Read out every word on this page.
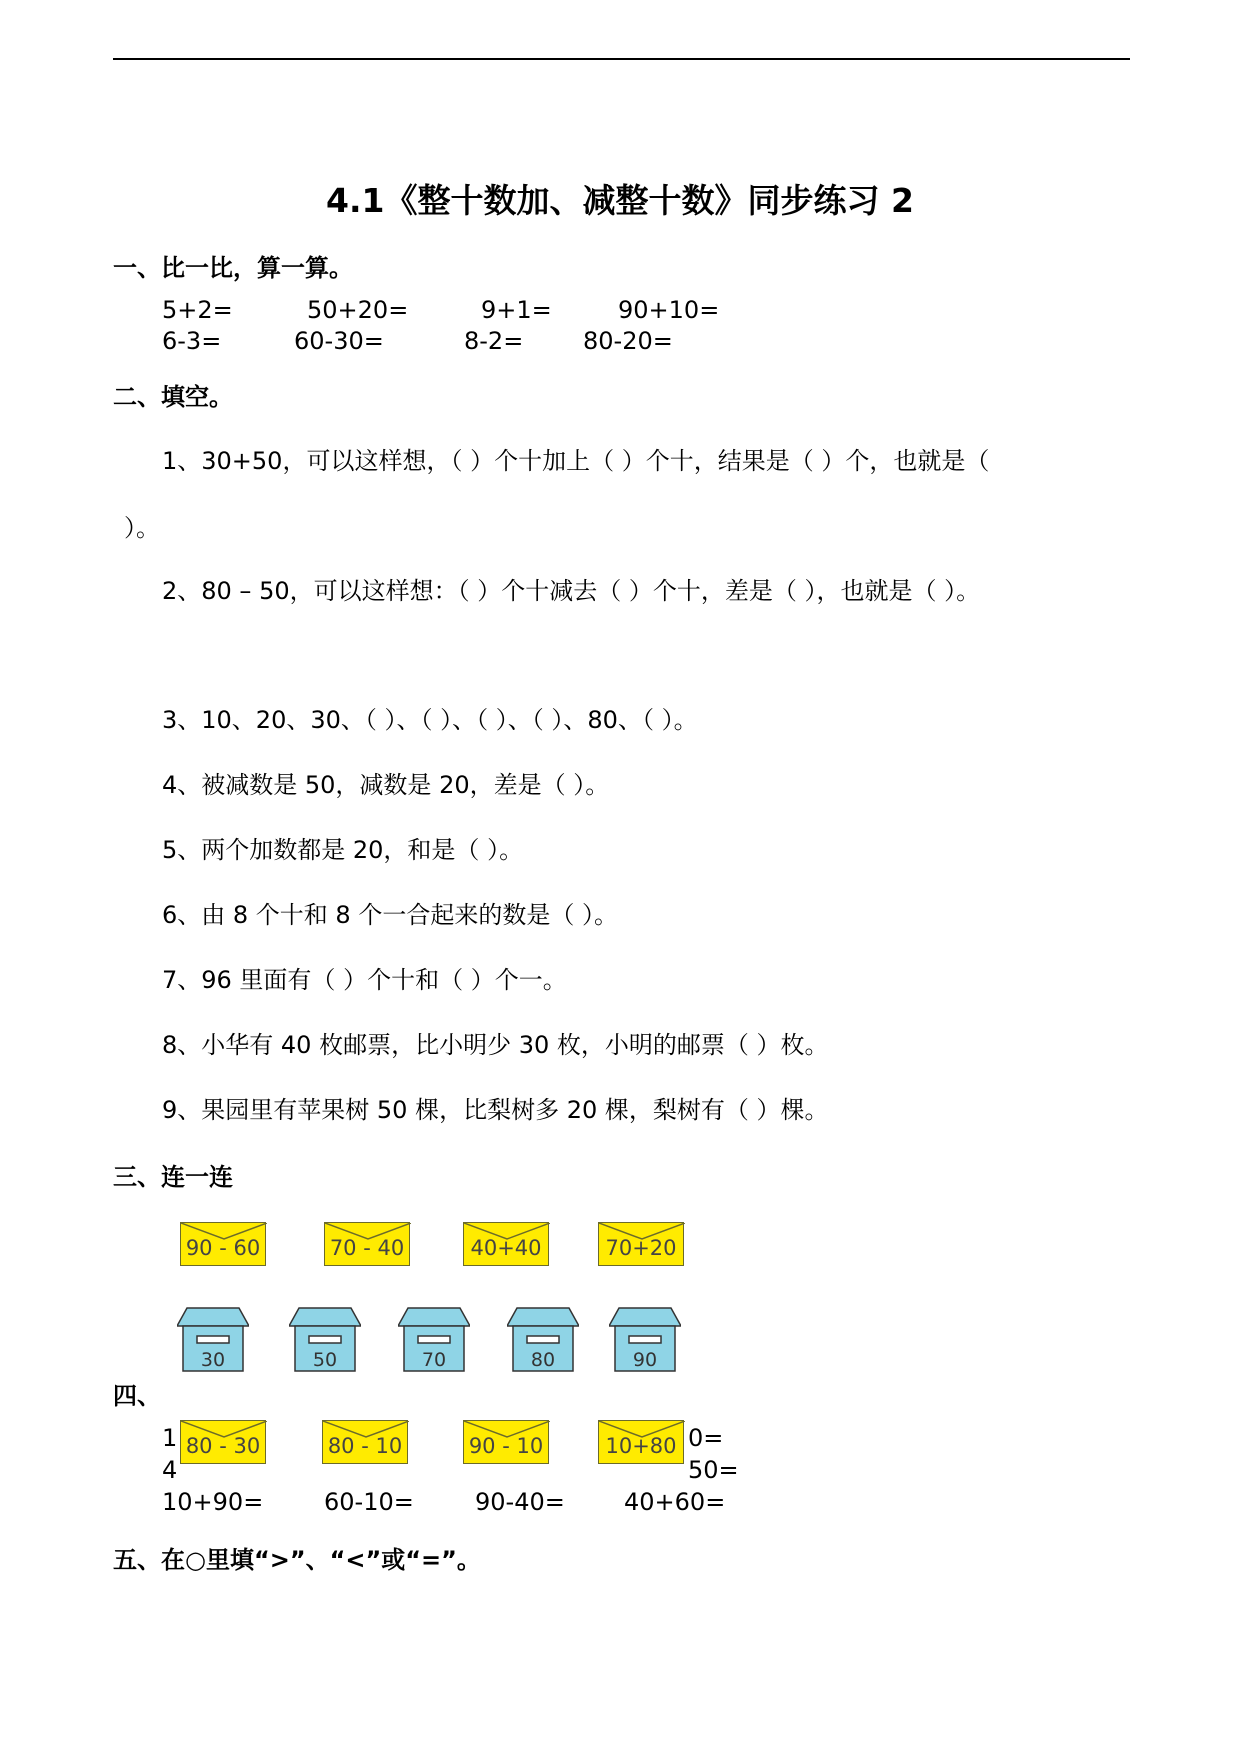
4.1《整十数加、减整十数》同步练习 2
一、比一比，算一算。
5+2=	50+20=	9+1=	90+10=
6-3=	60-30=	8-2= 80-20=
二、填空。
1、30+50，可以这样想，（ ）个十加上（ ）个十，结果是（ ）个，也就是（
）。
2、80 – 50，可以这样想：（ ）个十减去（ ）个十，差是（ ），也就是（ ）。
3、10、20、30、（ ）、（ ）、（ ）、（ ）、80、（ ）。
4、被减数是 50，减数是 20，差是（ ）。
5、两个加数都是 20，和是（ ）。
6、由 8 个十和 8 个一合起来的数是（ ）。
7、96 里面有（ ）个十和（ ）个一。
8、小华有 40 枚邮票，比小明少 30 枚，小明的邮票（ ）枚。
9、果园里有苹果树 50 棵，比梨树多 20 棵，梨树有（ ）棵。
三、连一连
90 - 60	70 - 40	40+40	70+20
四、
1	0=
4	50=
30	50	70	80	90
80 - 30	80 - 10	90 - 10	10+80
10+90=	60-10=	90-40= 40+60=
五、在○里填“>”、“<”或“=”。
